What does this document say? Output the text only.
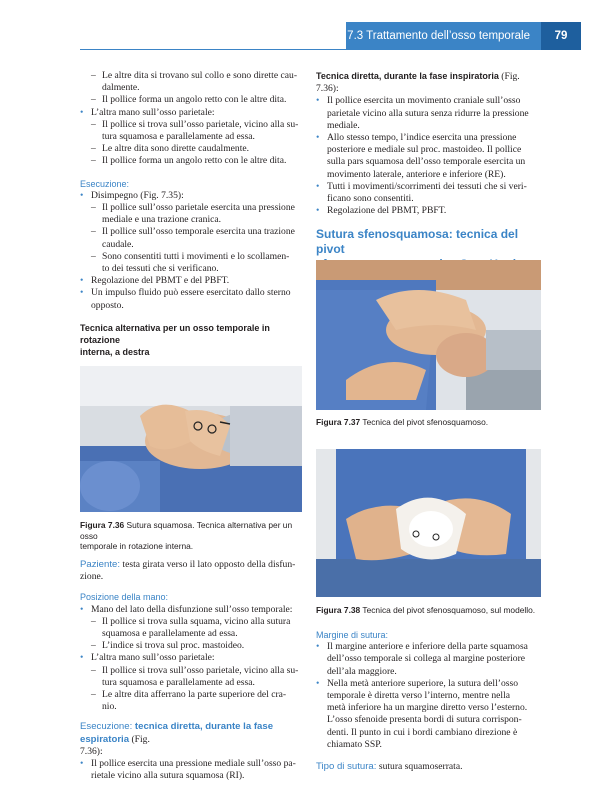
7.3 Trattamento dell’osso temporale	79

– Le altre dita si trovano sul collo e sono dirette cau-

dalmente.

– Il pollice forma un angolo retto con le altre dita.

• L’altra mano sull’osso parietale:

– Il pollice si trova sull’osso parietale, vicino alla su-

tura squamosa e parallelamente ad essa.

– Le altre dita sono dirette caudalmente.

– Il pollice forma un angolo retto con le altre dita.

Esecuzione:

• Disimpegno (Fig. 7.35):

– Il pollice sull’osso parietale esercita una pressione

mediale e una trazione cranica.

– Il pollice sull’osso temporale esercita una trazione

caudale.

– Sono consentiti tutti i movimenti e lo scollamen-

to dei tessuti che si verificano.

• Regolazione del PBMT e del PBFT.

• Un impulso fluido può essere esercitato dallo sterno

opposto.

Tecnica alternativa per un osso temporale in rotazione
interna, a destra

Figura 7.36 Sutura squamosa. Tecnica alternativa per un osso
temporale in rotazione interna.

Paziente: testa girata verso il lato opposto della disfun-

zione.

Posizione della mano:

• Mano del lato della disfunzione sull’osso temporale:

– Il pollice si trova sulla squama, vicino alla sutura

squamosa e parallelamente ad essa.

– L’indice si trova sul proc. mastoideo.

• L’altra mano sull’osso parietale:

– Il pollice si trova sull’osso parietale, vicino alla su-

tura squamosa e parallelamente ad essa.

– Le altre dita afferrano la parte superiore del cra-

nio.

Esecuzione: tecnica diretta, durante la fase espiratoria (Fig.

7.36):

• Il pollice esercita una pressione mediale sull’osso pa-

rietale vicino alla sutura squamosa (RI).

Tecnica diretta, durante la fase inspiratoria (Fig. 7.36):

• Il pollice esercita un movimento craniale sull’osso

parietale vicino alla sutura senza ridurre la pressione

mediale.

• Allo stesso tempo, l’indice esercita una pressione

posteriore e mediale sul proc. mastoideo. Il pollice

sulla pars squamosa dell’osso temporale esercita un

movimento laterale, anteriore e inferiore (RE).

• Tutti i movimenti/scorrimenti dei tessuti che si veri-

ficano sono consentiti.

• Regolazione del PBMT, PBFT.

Sutura sfenosquamosa: tecnica del pivot

Figura 7.37 Tecnica del pivot sfenosquamoso.
Figura 7.38 Tecnica del pivot sfenosquamoso, sul modello.

Margine di sutura:

• Il margine anteriore e inferiore della parte squamosa

dell’osso temporale si collega al margine posteriore

dell’ala maggiore.

• Nella metà anteriore superiore, la sutura dell’osso

temporale è diretta verso l’interno, mentre nella

metà inferiore ha un margine diretto verso l’esterno.

L’osso sfenoide presenta bordi di sutura corrispon-

denti. Il punto in cui i bordi cambiano direzione è

chiamato SSP.

Tipo di sutura: sutura squamoserrata.
